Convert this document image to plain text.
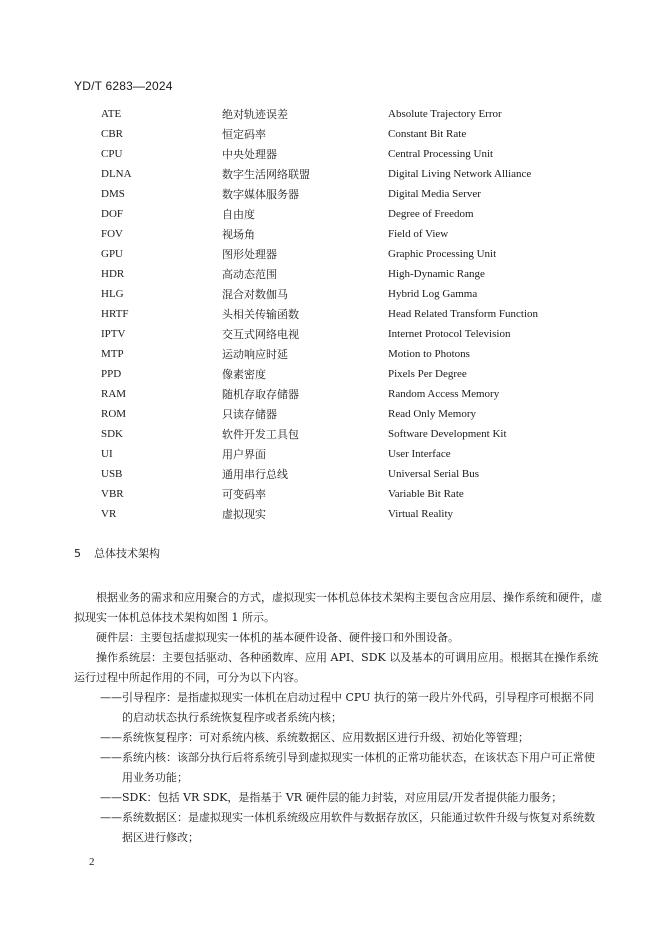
YD/T 6283—2024
ATE	绝对轨迹误差	Absolute Trajectory Error
CBR	恒定码率	Constant Bit Rate
CPU	中央处理器	Central Processing Unit
DLNA	数字生活网络联盟	Digital Living Network Alliance
DMS	数字媒体服务器	Digital Media Server
DOF	自由度	Degree of Freedom
FOV	视场角	Field of View
GPU	图形处理器	Graphic Processing Unit
HDR	高动态范围	High-Dynamic Range
HLG	混合对数伽马	Hybrid Log Gamma
HRTF	头相关传输函数	Head Related Transform Function
IPTV	交互式网络电视	Internet Protocol Television
MTP	运动响应时延	Motion to Photons
PPD	像素密度	Pixels Per Degree
RAM	随机存取存储器	Random Access Memory
ROM	只读存储器	Read Only Memory
SDK	软件开发工具包	Software Development Kit
UI	用户界面	User Interface
USB	通用串行总线	Universal Serial Bus
VBR	可变码率	Variable Bit Rate
VR	虚拟现实	Virtual Reality
5 总体技术架构

根据业务的需求和应用聚合的方式，虚拟现实一体机总体技术架构主要包含应用层、操作系统和硬件，虚拟现实一体机总体技术架构如图 1 所示。

硬件层：主要包括虚拟现实一体机的基本硬件设备、硬件接口和外围设备。

操作系统层：主要包括驱动、各种函数库、应用 API、SDK 以及基本的可调用应用。根据其在操作系统运行过程中所起作用的不同，可分为以下内容。

——引导程序：是指虚拟现实一体机在启动过程中 CPU 执行的第一段片外代码，引导程序可根据不同的启动状态执行系统恢复程序或者系统内核；

——系统恢复程序：可对系统内核、系统数据区、应用数据区进行升级、初始化等管理；

——系统内核：该部分执行后将系统引导到虚拟现实一体机的正常功能状态，在该状态下用户可正常使用业务功能；

——SDK：包括 VR SDK，是指基于 VR 硬件层的能力封装，对应用层/开发者提供能力服务；

——系统数据区：是虚拟现实一体机系统级应用软件与数据存放区，只能通过软件升级与恢复对系统数据区进行修改；

2
